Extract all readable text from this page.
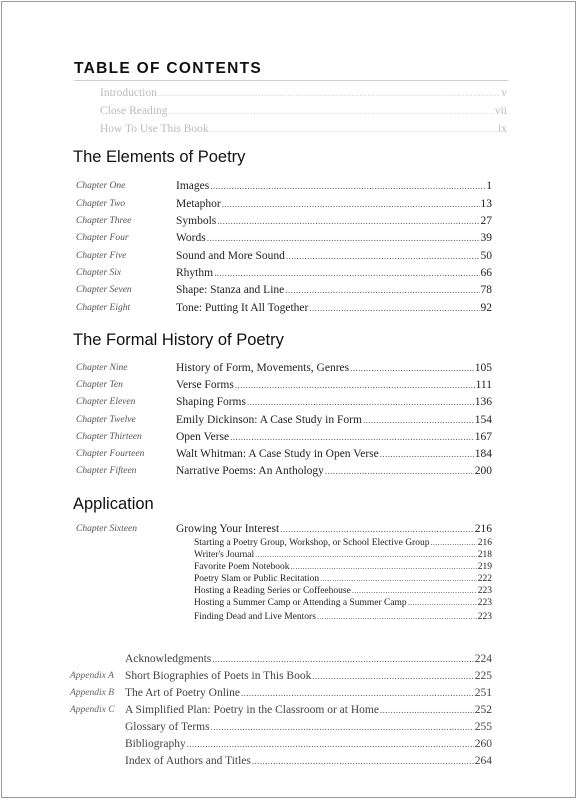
TABLE OF CONTENTS
Introduction .....	v
Close Reading .....	vii
How To Use This Book .....	ix
The Elements of Poetry
Chapter One	Images .....	1
Chapter Two	Metaphor .....	13
Chapter Three	Symbols .....	27
Chapter Four	Words .....	39
Chapter Five	Sound and More Sound .....	50
Chapter Six	Rhythm .....	66
Chapter Seven	Shape: Stanza and Line .....	78
Chapter Eight	Tone: Putting It All Together .....	92
The Formal History of Poetry
Chapter Nine	History of Form, Movements, Genres .....	105
Chapter Ten	Verse Forms .....	111
Chapter Eleven	Shaping Forms .....	136
Chapter Twelve	Emily Dickinson: A Case Study in Form .....	154
Chapter Thirteen	Open Verse .....	167
Chapter Fourteen	Walt Whitman: A Case Study in Open Verse .....	184
Chapter Fifteen	Narrative Poems: An Anthology .....	200
Application
Chapter Sixteen	Growing Your Interest .....	216
Starting a Poetry Group, Workshop, or School Elective Group .....	216
Writer's Journal .....	218
Favorite Poem Notebook .....	219
Poetry Slam or Public Recitation .....	222
Hosting a Reading Series or Coffeehouse .....	223
Hosting a Summer Camp or Attending a Summer Camp .....	223
Finding Dead and Live Mentors .....	223
Acknowledgments .....	224
Appendix A Short Biographies of Poets in This Book .....	225
Appendix B The Art of Poetry Online .....	251
Appendix C A Simplified Plan: Poetry in the Classroom or at Home .....	252
Glossary of Terms .....	255
Bibliography .....	260
Index of Authors and Titles .....	264
